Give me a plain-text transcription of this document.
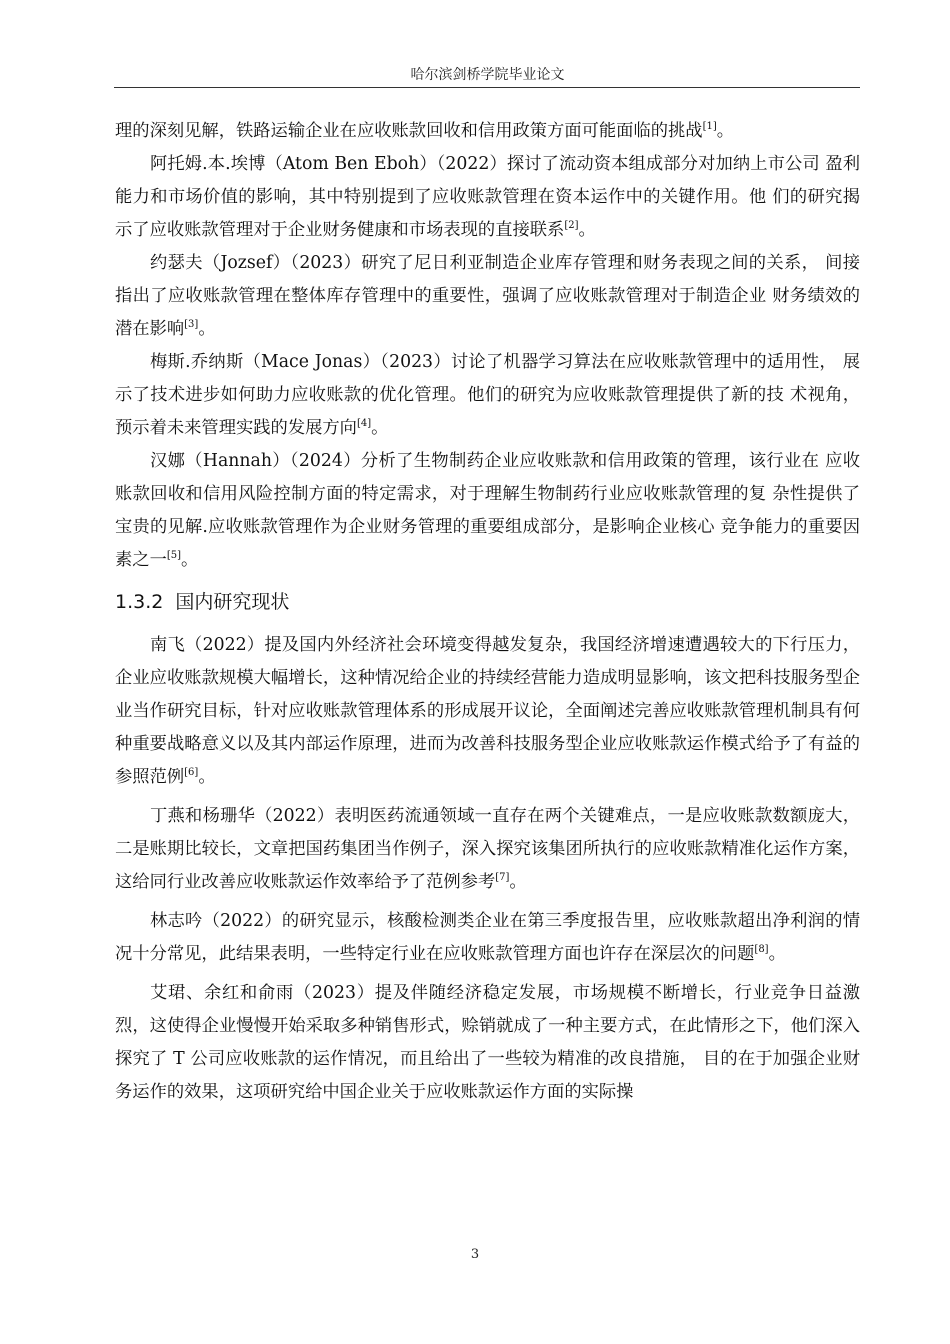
哈尔滨剑桥学院毕业论文

理的深刻见解，铁路运输企业在应收账款回收和信用政策方面可能面临的挑战[1]。

阿托姆.本.埃博（Atom Ben Eboh）（2022）探讨了流动资本组成部分对加纳上市公司 盈利能力和市场价值的影响，其中特别提到了应收账款管理在资本运作中的关键作用。他 们的研究揭示了应收账款管理对于企业财务健康和市场表现的直接联系[2]。

约瑟夫（Jozsef）（2023）研究了尼日利亚制造企业库存管理和财务表现之间的关系， 间接指出了应收账款管理在整体库存管理中的重要性，强调了应收账款管理对于制造企业 财务绩效的潜在影响[3]。

梅斯.乔纳斯（Mace Jonas）（2023）讨论了机器学习算法在应收账款管理中的适用性， 展示了技术进步如何助力应收账款的优化管理。他们的研究为应收账款管理提供了新的技 术视角，预示着未来管理实践的发展方向[4]。

汉娜（Hannah）（2024）分析了生物制药企业应收账款和信用政策的管理，该行业在 应收账款回收和信用风险控制方面的特定需求，对于理解生物制药行业应收账款管理的复 杂性提供了宝贵的见解.应收账款管理作为企业财务管理的重要组成部分，是影响企业核心 竞争能力的重要因素之一[5]。

1.3.2 国内研究现状

南飞（2022）提及国内外经济社会环境变得越发复杂，我国经济增速遭遇较大的下行压力，企业应收账款规模大幅增长，这种情况给企业的持续经营能力造成明显影响，该文把科技服务型企业当作研究目标，针对应收账款管理体系的形成展开议论，全面阐述完善应收账款管理机制具有何种重要战略意义以及其内部运作原理，进而为改善科技服务型企业应收账款运作模式给予了有益的参照范例[6]。

丁燕和杨珊华（2022）表明医药流通领域一直存在两个关键难点，一是应收账款数额庞大，二是账期比较长，文章把国药集团当作例子，深入探究该集团所执行的应收账款精准化运作方案，这给同行业改善应收账款运作效率给予了范例参考[7]。

林志吟（2022）的研究显示，核酸检测类企业在第三季度报告里，应收账款超出净利润的情况十分常见，此结果表明，一些特定行业在应收账款管理方面也许存在深层次的问题[8]。

艾珺、余红和俞雨（2023）提及伴随经济稳定发展，市场规模不断增长，行业竞争日益激烈，这使得企业慢慢开始采取多种销售形式，赊销就成了一种主要方式，在此情形之下，他们深入探究了 T 公司应收账款的运作情况，而且给出了一些较为精准的改良措施， 目的在于加强企业财务运作的效果，这项研究给中国企业关于应收账款运作方面的实际操

3
